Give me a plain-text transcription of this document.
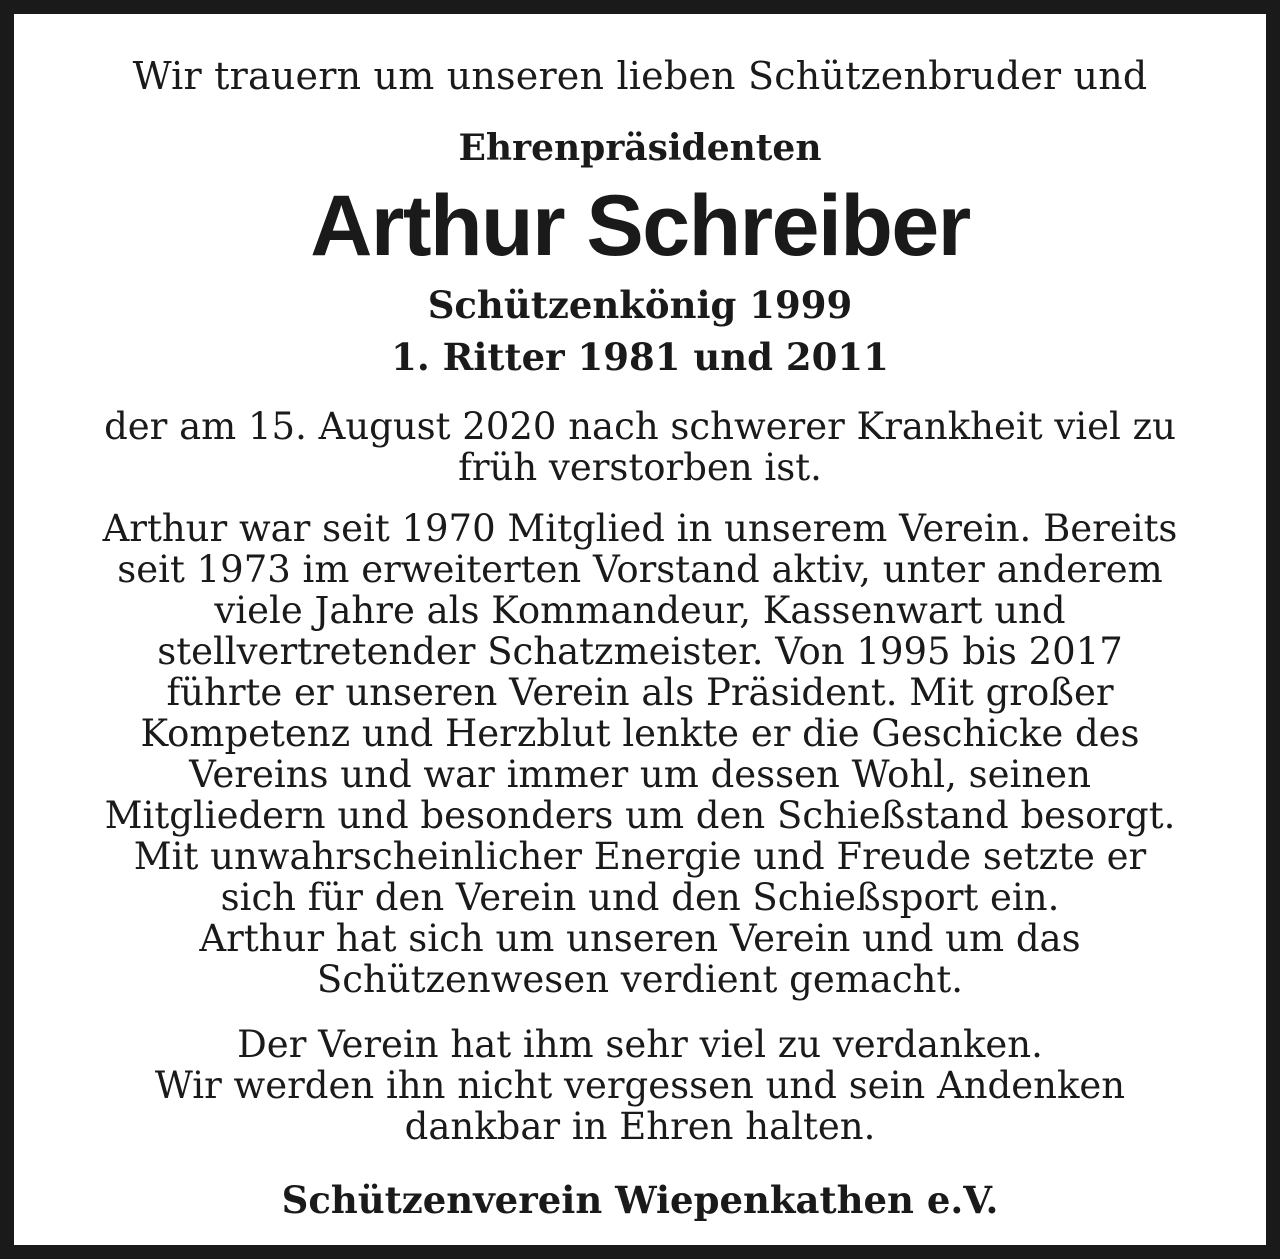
Wir trauern um unseren lieben Schützenbruder und
Ehrenpräsidenten
Arthur Schreiber
Schützenkönig 1999
1. Ritter 1981 und 2011
der am 15. August 2020 nach schwerer Krankheit viel zu
früh verstorben ist.
Arthur war seit 1970 Mitglied in unserem Verein. Bereits
seit 1973 im erweiterten Vorstand aktiv, unter anderem
viele Jahre als Kommandeur, Kassenwart und
stellvertretender Schatzmeister. Von 1995 bis 2017
führte er unseren Verein als Präsident. Mit großer
Kompetenz und Herzblut lenkte er die Geschicke des
Vereins und war immer um dessen Wohl, seinen
Mitgliedern und besonders um den Schießstand besorgt.
Mit unwahrscheinlicher Energie und Freude setzte er
sich für den Verein und den Schießsport ein.
Arthur hat sich um unseren Verein und um das
Schützenwesen verdient gemacht.
Der Verein hat ihm sehr viel zu verdanken.
Wir werden ihn nicht vergessen und sein Andenken
dankbar in Ehren halten.
Schützenverein Wiepenkathen e.V.
